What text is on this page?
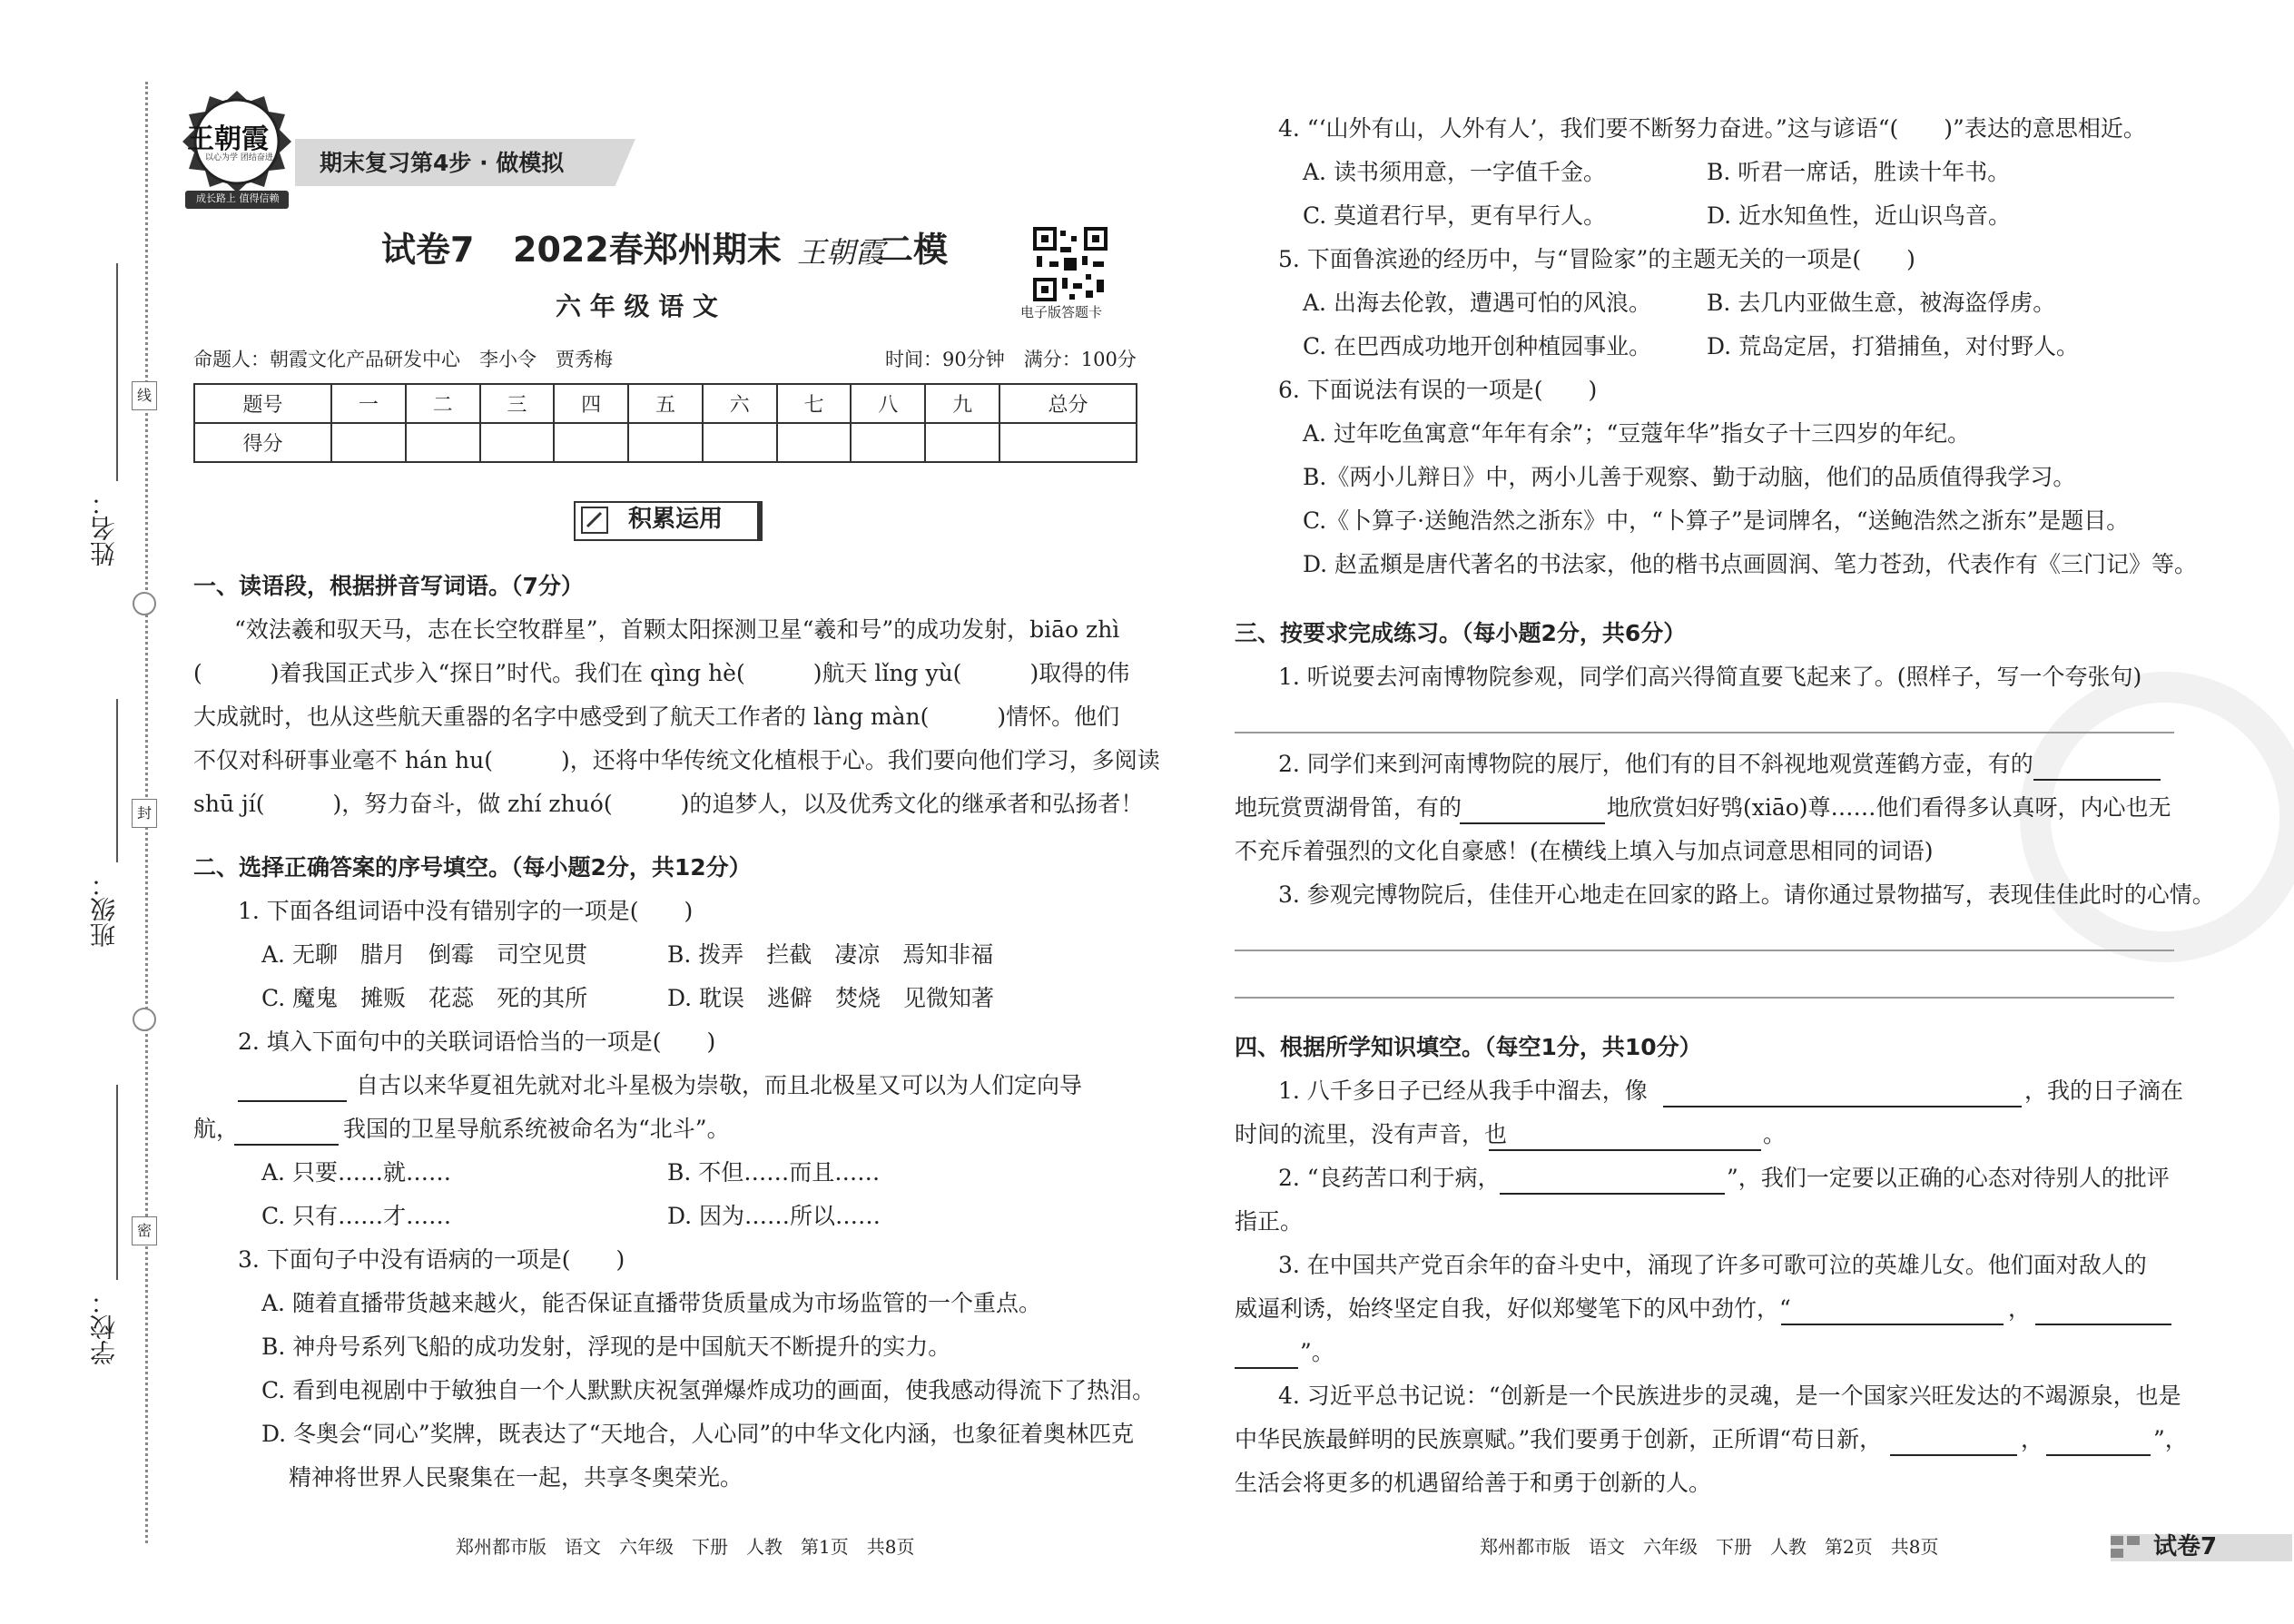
姓名：
班级：
学校：
线
封
密
王朝霞
以心为学 团结奋进
成长路上 值得信赖
期末复习第4步 · 做模拟
试卷7 2022春郑州期末 王朝霞
二模
六 年 级 语 文	电子版答题卡
命题人：朝霞文化产品研发中心　李小令　贾秀梅	时间：90分钟　满分：100分
题号	一	二	三	四	五	六	七	八	九	总分
得分										
积累运用
一、读语段，根据拼音写词语。（7分）
“效法羲和驭天马，志在长空牧群星”，首颗太阳探测卫星“羲和号”的成功发射，biāo zhì
(　　　)着我国正式步入“探日”时代。我们在 qìng hè(　　　)航天 lǐng yù(　　　)取得的伟
大成就时，也从这些航天重器的名字中感受到了航天工作者的 làng màn(　　　)情怀。他们
不仅对科研事业毫不 hán hu(　　　)，还将中华传统文化植根于心。我们要向他们学习，多阅读
shū jí(　　　)，努力奋斗，做 zhí zhuó(　　　)的追梦人，以及优秀文化的继承者和弘扬者！
二、选择正确答案的序号填空。（每小题2分，共12分）
1. 下面各组词语中没有错别字的一项是(　　)
A. 无聊　腊月　倒霉　司空见贯	B. 拨弄　拦截　凄凉　焉知非福
C. 魔鬼　摊贩　花蕊　死的其所	D. 耽误　逃僻　焚烧　见微知著
2. 填入下面句中的关联词语恰当的一项是(　　)
自古以来华夏祖先就对北斗星极为崇敬，而且北极星又可以为人们定向导
航，	我国的卫星导航系统被命名为“北斗”。
A. 只要……就……	B. 不但……而且……
C. 只有……才……	D. 因为……所以……
3. 下面句子中没有语病的一项是(　　)
A. 随着直播带货越来越火，能否保证直播带货质量成为市场监管的一个重点。
B. 神舟号系列飞船的成功发射，浮现的是中国航天不断提升的实力。
C. 看到电视剧中于敏独自一个人默默庆祝氢弹爆炸成功的画面，使我感动得流下了热泪。
D. 冬奥会“同心”奖牌，既表达了“天地合，人心同”的中华文化内涵，也象征着奥林匹克
精神将世界人民聚集在一起，共享冬奥荣光。
郑州都市版　语文　六年级　下册　人教　第1页　共8页
4. “‘山外有山，人外有人’，我们要不断努力奋进。”这与谚语“(　　)”表达的意思相近。
A. 读书须用意，一字值千金。	B. 听君一席话，胜读十年书。
C. 莫道君行早，更有早行人。	D. 近水知鱼性，近山识鸟音。
5. 下面鲁滨逊的经历中，与“冒险家”的主题无关的一项是(　　)
A. 出海去伦敦，遭遇可怕的风浪。 B. 去几内亚做生意，被海盗俘虏。
C. 在巴西成功地开创种植园事业。 D. 荒岛定居，打猎捕鱼，对付野人。
6. 下面说法有误的一项是(　　)
A. 过年吃鱼寓意“年年有余”；“豆蔻年华”指女子十三四岁的年纪。
B.《两小儿辩日》中，两小儿善于观察、勤于动脑，他们的品质值得我学习。
C.《卜算子·送鲍浩然之浙东》中，“卜算子”是词牌名，“送鲍浩然之浙东”是题目。
D. 赵孟頫是唐代著名的书法家，他的楷书点画圆润、笔力苍劲，代表作有《三门记》等。
三、按要求完成练习。（每小题2分，共6分）
1. 听说要去河南博物院参观，同学们高兴得简直要飞起来了。(照样子，写一个夸张句)
2. 同学们来到河南博物院的展厅，他们有的目不斜视地观赏莲鹤方壶，有的
地玩赏贾湖骨笛，有的	地欣赏妇好鸮(xiāo)尊……他们看得多认真呀，内心也无
不充斥着强烈的文化自豪感！(在横线上填入与加点词意思相同的词语)
3. 参观完博物院后，佳佳开心地走在回家的路上。请你通过景物描写，表现佳佳此时的心情。
四、根据所学知识填空。（每空1分，共10分）
1. 八千多日子已经从我手中溜去，像	，我的日子滴在
时间的流里，没有声音，也	。
2. “良药苦口利于病，	”，我们一定要以正确的心态对待别人的批评
指正。
3. 在中国共产党百余年的奋斗史中，涌现了许多可歌可泣的英雄儿女。他们面对敌人的
威逼利诱，始终坚定自我，好似郑燮笔下的风中劲竹，“	，
”。
4. 习近平总书记说：“创新是一个民族进步的灵魂，是一个国家兴旺发达的不竭源泉，也是
中华民族最鲜明的民族禀赋。”我们要勇于创新，正所谓“苟日新，	，	”，
生活会将更多的机遇留给善于和勇于创新的人。
郑州都市版　语文　六年级　下册　人教　第2页　共8页	试卷7
